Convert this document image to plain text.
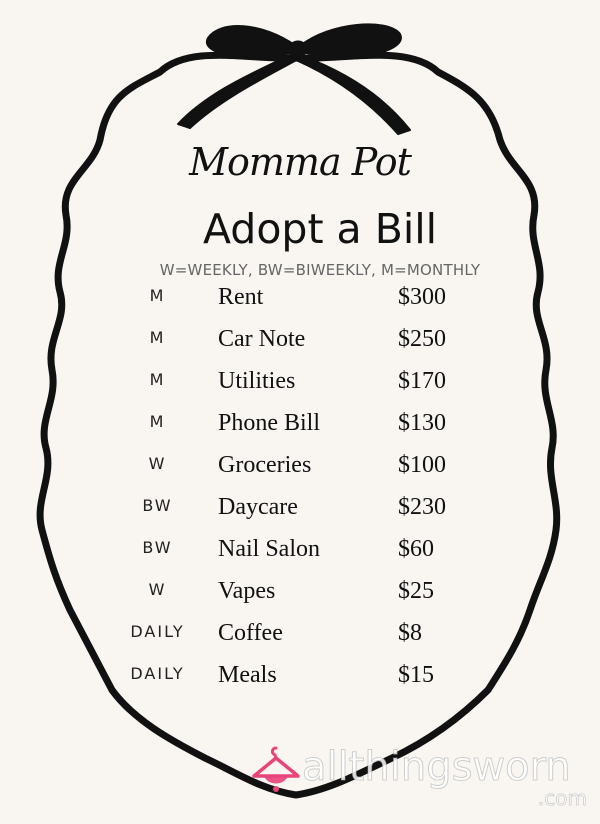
Momma Pot
Adopt a Bill
W=WEEKLY, BW=BIWEEKLY, M=MONTHLY
M	Rent	$300
M	Car Note	$250
M	Utilities	$170
M	Phone Bill	$130
W	Groceries	$100
BW	Daycare	$230
BW	Nail Salon	$60
W	Vapes	$25
DAILY	Coffee	$8
DAILY	Meals	$15
allthingsworn
.com
